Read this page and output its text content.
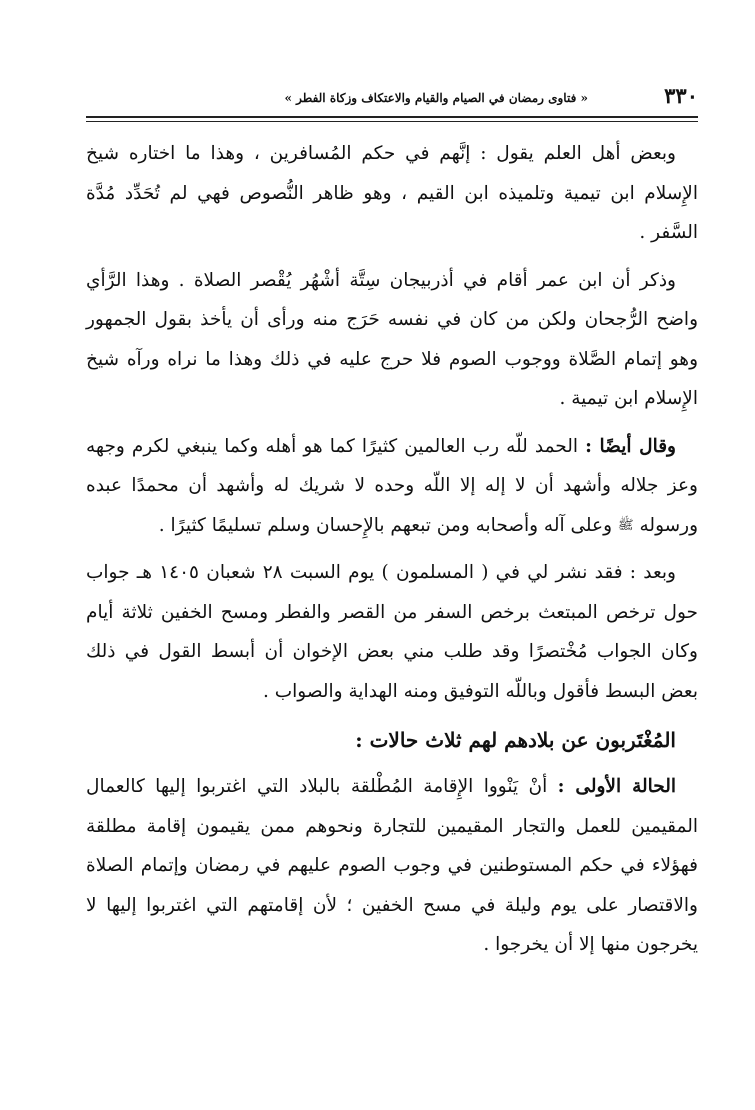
٣٣٠
« فتاوى رمضان في الصيام والقيام والاعتكاف وزكاة الفطر »

وبعض أهل العلم يقول : إنَّهم في حكم المُسافرين ، وهذا ما اختاره شيخ الإِسلام ابن تيمية وتلميذه ابن القيم ، وهو ظاهر النُّصوص فهي لم تُحَدِّد مُدَّة السَّفر .

وذكر أن ابن عمر أقام في أذربيجان سِتَّة أشْهُر يُقْصر الصلاة . وهذا الرَّأي واضح الرُّجحان ولكن من كان في نفسه حَرَج منه ورأى أن يأخذ بقول الجمهور وهو إتمام الصَّلاة ووجوب الصوم فلا حرج عليه في ذلك وهذا ما نراه ورآه شيخ الإِسلام ابن تيمية .

وقال أيضًا : الحمد للّه رب العالمين كثيرًا كما هو أهله وكما ينبغي لكرم وجهه وعز جلاله وأشهد أن لا إله إلا اللّه وحده لا شريك له وأشهد أن محمدًا عبده ورسوله ﷺ وعلى آله وأصحابه ومن تبعهم بالإِحسان وسلم تسليمًا كثيرًا .

وبعد : فقد نشر لي في ( المسلمون ) يوم السبت ٢٨ شعبان ١٤٠٥ هـ جواب حول ترخص المبتعث برخص السفر من القصر والفطر ومسح الخفين ثلاثة أيام وكان الجواب مُخْتصرًا وقد طلب مني بعض الإخوان أن أبسط القول في ذلك بعض البسط فأقول وباللّه التوفيق ومنه الهداية والصواب .

المُغْتَربون عن بلادهم لهم ثلاث حالات :

الحالة الأولى : أنْ يَنْووا الإِقامة المُطْلقة بالبلاد التي اغتربوا إليها كالعمال المقيمين للعمل والتجار المقيمين للتجارة ونحوهم ممن يقيمون إقامة مطلقة فهؤلاء في حكم المستوطنين في وجوب الصوم عليهم في رمضان وإتمام الصلاة والاقتصار على يوم وليلة في مسح الخفين ؛ لأن إقامتهم التي اغتربوا إليها لا يخرجون منها إلا أن يخرجوا .
